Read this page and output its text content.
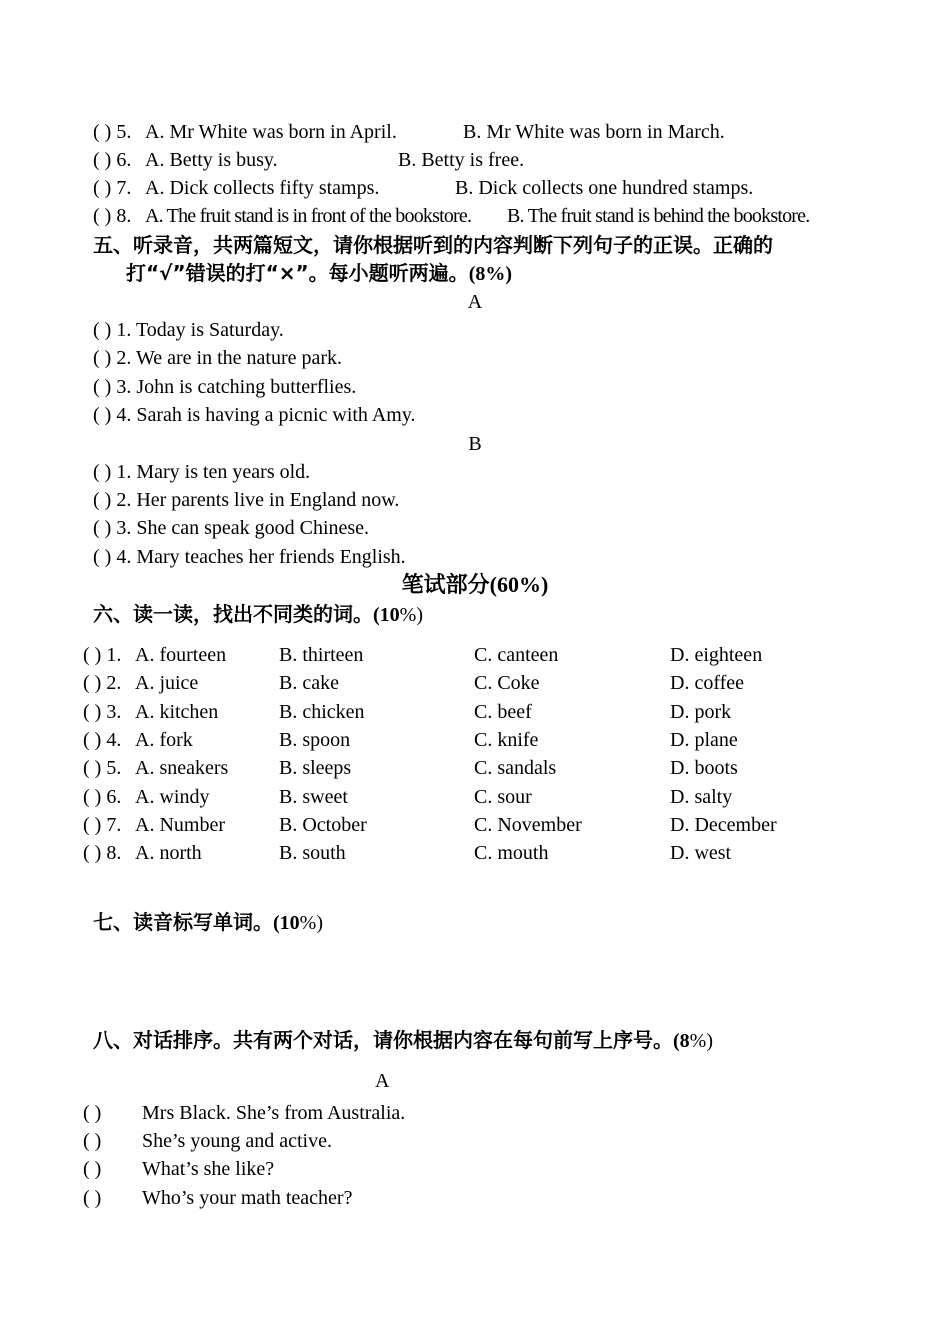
( ) 5. A. Mr White was born in April.	B. Mr White was born in March.
( ) 6. A. Betty is busy.	B. Betty is free.
( ) 7. A. Dick collects fifty stamps.	B. Dick collects one hundred stamps.
( ) 8. A. The fruit stand is in front of the bookstore. B. The fruit stand is behind the bookstore.
五、听录音，共两篇短文，请你根据听到的内容判断下列句子的正误。正确的
打“√”错误的打“×”。每小题听两遍。(8%)
A
( ) 1. Today is Saturday.
( ) 2. We are in the nature park.
( ) 3. John is catching butterflies.
( ) 4. Sarah is having a picnic with Amy.
B
( ) 1. Mary is ten years old.
( ) 2. Her parents live in England now.
( ) 3. She can speak good Chinese.
( ) 4. Mary teaches her friends English.
笔试部分(60%)
六、读一读，找出不同类的词。(10%)
( ) 1. A. fourteen	B. thirteen	C. canteen	D. eighteen
( ) 2. A. juice	B. cake	C. Coke	D. coffee
( ) 3. A. kitchen	B. chicken	C. beef	D. pork
( ) 4. A. fork	B. spoon	C. knife	D. plane
( ) 5. A. sneakers	B. sleeps	C. sandals	D. boots
( ) 6. A. windy	B. sweet	C. sour	D. salty
( ) 7. A. Number	B. October	C. November	D. December
( ) 8. A. north	B. south	C. mouth	D. west
七、读音标写单词。(10%)
八、对话排序。共有两个对话，请你根据内容在每句前写上序号。(8%)
A
( ) Mrs Black. She’s from Australia.
( ) She’s young and active.
( ) What’s she like?
( ) Who’s your math teacher?
